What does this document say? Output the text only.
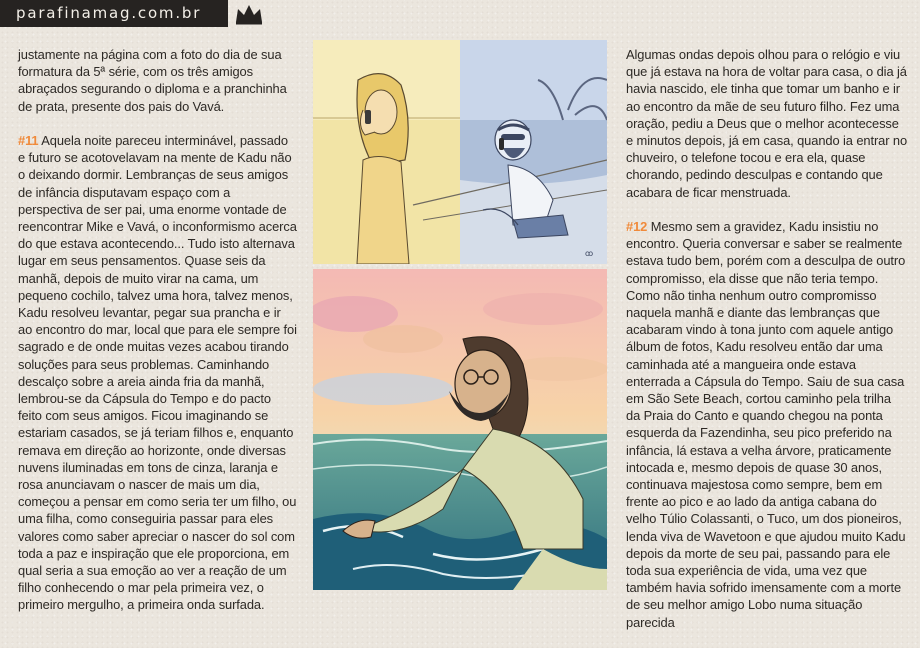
parafinamag.com.br

justamente na página com a foto do dia de sua formatura da 5ª série, com os três amigos abraçados segurando o diploma e a pranchinha de prata, presente dos pais do Vavá.

#11 Aquela noite pareceu interminável, passado e futuro se acotovelavam na mente de Kadu não o deixando dormir. Lembranças de seus amigos de infância disputavam espaço com a perspectiva de ser pai, uma enorme vontade de reencontrar Mike e Vavá, o inconformismo acerca do que estava acontecendo... Tudo isto alternava lugar em seus pensamentos. Quase seis da manhã, depois de muito virar na cama, um pequeno cochilo, talvez uma hora, talvez menos, Kadu resolveu levantar, pegar sua prancha e ir ao encontro do mar, local que para ele sempre foi sagrado e de onde muitas vezes acabou tirando soluções para seus problemas. Caminhando descalço sobre a areia ainda fria da manhã, lembrou-se da Cápsula do Tempo e do pacto feito com seus amigos. Ficou imaginando se estariam casados, se já teriam filhos e, enquanto remava em direção ao horizonte, onde diversas nuvens iluminadas em tons de cinza, laranja e rosa anunciavam o nascer de mais um dia, começou a pensar em como seria ter um filho, ou uma filha, como conseguiria passar para eles valores como saber apreciar o nascer do sol com toda a paz e inspiração que ele proporciona, em qual seria a sua emoção ao ver a reação de um filho conhecendo o mar pela primeira vez, o primeiro mergulho, a primeira onda surfada.

ꝏ

Algumas ondas depois olhou para o relógio e viu que já estava na hora de voltar para casa, o dia já havia nascido, ele tinha que tomar um banho e ir ao encontro da mãe de seu futuro filho. Fez uma oração, pediu a Deus que o melhor acontecesse e minutos depois, já em casa, quando ia entrar no chuveiro, o telefone tocou e era ela, quase chorando, pedindo desculpas e contando que acabara de ficar menstruada.

#12 Mesmo sem a gravidez, Kadu insistiu no encontro. Queria conversar e saber se realmente estava tudo bem, porém com a desculpa de outro compromisso, ela disse que não teria tempo. Como não tinha nenhum outro compromisso naquela manhã e diante das lembranças que acabaram vindo à tona junto com aquele antigo álbum de fotos, Kadu resolveu então dar uma caminhada até a mangueira onde estava enterrada a Cápsula do Tempo. Saiu de sua casa em São Sete Beach, cortou caminho pela trilha da Praia do Canto e quando chegou na ponta esquerda da Fazendinha, seu pico preferido na infância, lá estava a velha árvore, praticamente intocada e, mesmo depois de quase 30 anos, continuava majestosa como sempre, bem em frente ao pico e ao lado da antiga cabana do velho Túlio Colassanti, o Tuco, um dos pioneiros, lenda viva de Wavetoon e que ajudou muito Kadu depois da morte de seu pai, passando para ele toda sua experiência de vida, uma vez que também havia sofrido imensamente com a morte de seu melhor amigo Lobo numa situação parecida
